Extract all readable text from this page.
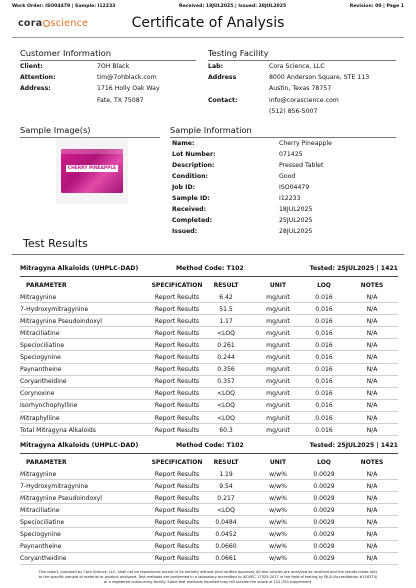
Work Order: ISO04479 | Sample: I12233	Received: 18JUL2025 | Issued: 28JUL2025	Revision: 00 | Page 1
cora science	Certificate of Analysis
Customer Information
Client:	7OH Black
Attention:	tim@7ohblack.com
Address:	1716 Holly Oak Way
Fate, TX 75087
Testing Facility
Lab:	Cora Science, LLC
Address	8000 Anderson Square, STE 113
Austin, Texas 78757
Contact:	info@corascience.com
(512) 856-5007
Sample Image(s)
CHERRY PINEAPPLE
Sample Information
Name:	Cherry Pineapple
Lot Number:	071425
Description:	Pressed Tablet
Condition:	Good
Job ID:	ISO04479
Sample ID:	I12233
Received:	18JUL2025
Completed:	25JUL2025
Issued:	28JUL2025
Test Results
Mitragyna Alkaloids (UHPLC-DAD)	Method Code: T102	Tested: 25JUL2025 | 1421
PARAMETER	SPECIFICATION	RESULT	UNIT	LOQ	NOTES
Mitragynine	Report Results	6.42	mg/unit	0.016	N/A
7-Hydroxymitragynine	Report Results	51.5	mg/unit	0.016	N/A
Mitragynine Pseudoindoxyl	Report Results	1.17	mg/unit	0.016	N/A
Mitraciliatine	Report Results	<LOQ	mg/unit	0.016	N/A
Speciociliatine	Report Results	0.261	mg/unit	0.016	N/A
Speciogynine	Report Results	0.244	mg/unit	0.016	N/A
Paynantheine	Report Results	0.356	mg/unit	0.016	N/A
Coryantheidine	Report Results	0.357	mg/unit	0.016	N/A
Corynoxine	Report Results	<LOQ	mg/unit	0.016	N/A
Isorhynchophylline	Report Results	<LOQ	mg/unit	0.016	N/A
Mitraphylline	Report Results	<LOQ	mg/unit	0.016	N/A
Total Mitragyna Alkaloids	Report Results	60.3	mg/unit	0.016	N/A
Mitragyna Alkaloids (UHPLC-DAD)	Method Code: T102	Tested: 25JUL2025 | 1421
PARAMETER	SPECIFICATION	RESULT	UNIT	LOQ	NOTES
Mitragynine	Report Results	1.19	w/w%	0.0029	N/A
7-Hydroxymitragynine	Report Results	9.54	w/w%	0.0029	N/A
Mitragynine Pseudoindoxyl	Report Results	0.217	w/w%	0.0029	N/A
Mitraciliatine	Report Results	<LOQ	w/w%	0.0029	N/A
Speciociliatine	Report Results	0.0484	w/w%	0.0029	N/A
Speciogynine	Report Results	0.0452	w/w%	0.0029	N/A
Paynantheine	Report Results	0.0660	w/w%	0.0029	N/A
Coryantheidine	Report Results	0.0661	w/w%	0.0029	N/A
This report, prepared by Cora Science, LLC, shall not be reproduced except in its entirety without prior written approval. All test articles are analyzed as received and the results relate only
to the specific sample of material or product analyzed. Test methods are performed in a laboratory accredited to ISO/IEC 17025:2017 in the field of testing by PJLA (Accreditation #116374)
or a registered outsourcing facility. Some test methods reported may fall outside the scope of 122-250 supplement.
